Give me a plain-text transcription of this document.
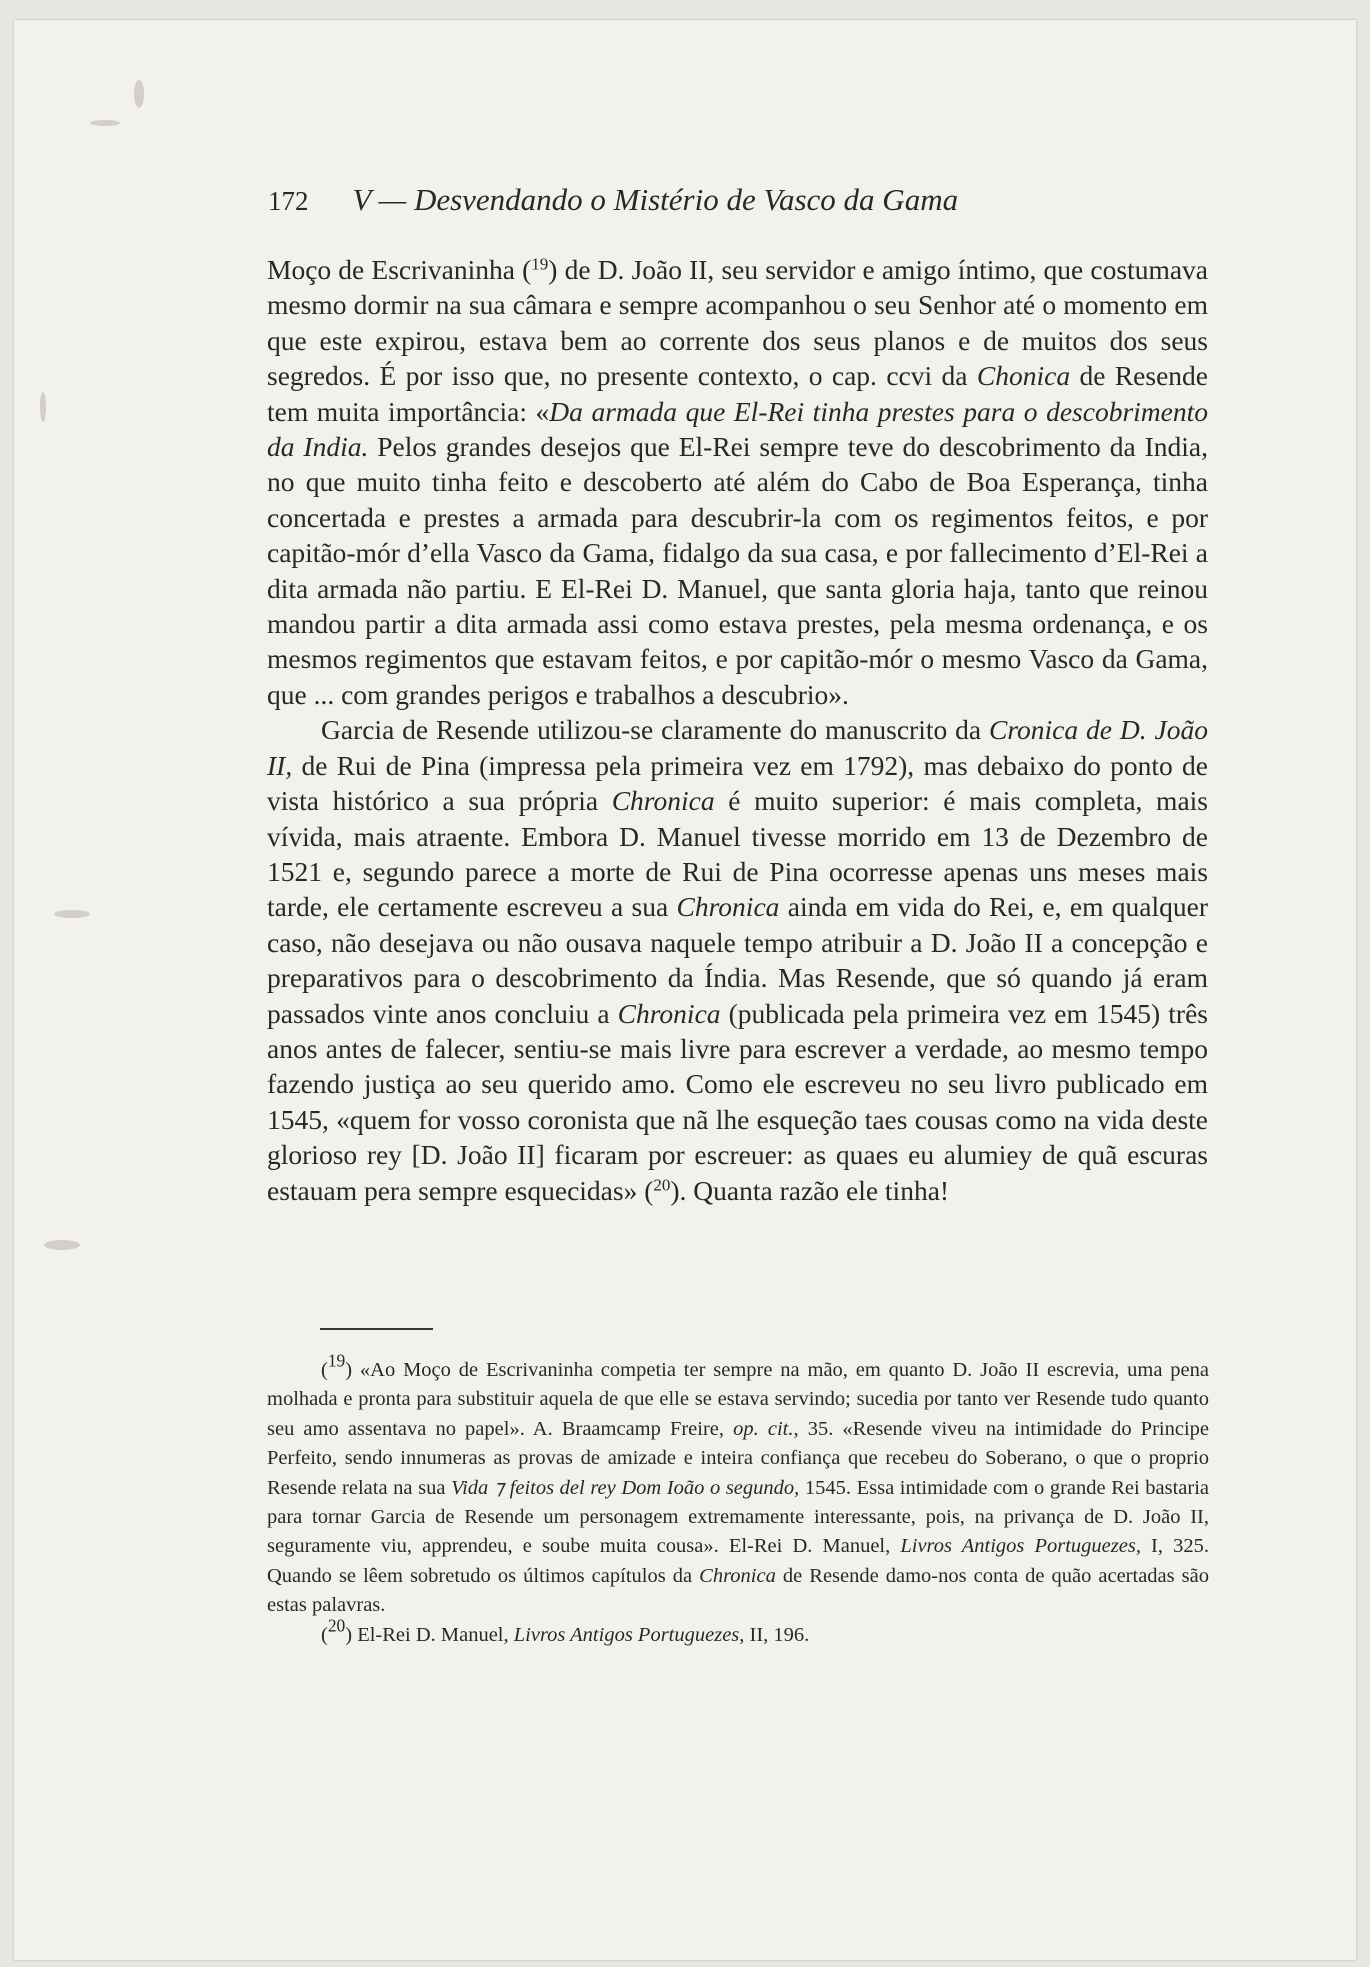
172 V — Desvendando o Mistério de Vasco da Gama

Moço de Escrivaninha ($^{19}$) de D. João II, seu servidor e amigo íntimo, que costumava mesmo dormir na sua câmara e sempre acompanhou o seu Senhor até o momento em que este expirou, estava bem ao corrente dos seus planos e de muitos dos seus segredos. É por isso que, no presente contexto, o cap. ccvi da Chonica de Resende tem muita importância: «Da armada que El-Rei tinha prestes para o descobrimento da India. Pelos grandes desejos que El-Rei sempre teve do descobrimento da India, no que muito tinha feito e descoberto até além do Cabo de Boa Esperança, tinha concertada e prestes a armada para descubrir-la com os regimentos feitos, e por capitão-mór d’ella Vasco da Gama, fidalgo da sua casa, e por fallecimento d’El-Rei a dita armada não partiu. E El-Rei D. Manuel, que santa gloria haja, tanto que reinou mandou partir a dita armada assi como estava prestes, pela mesma ordenança, e os mesmos regimentos que estavam feitos, e por capitão-mór o mesmo Vasco da Gama, que ... com grandes perigos e trabalhos a descubrio».

Garcia de Resende utilizou-se claramente do manuscrito da Cronica de D. João II, de Rui de Pina (impressa pela primeira vez em 1792), mas debaixo do ponto de vista histórico a sua própria Chronica é muito superior: é mais completa, mais vívida, mais atraente. Embora D. Manuel tivesse morrido em 13 de Dezembro de 1521 e, segundo parece a morte de Rui de Pina ocorresse apenas uns meses mais tarde, ele certamente escreveu a sua Chronica ainda em vida do Rei, e, em qualquer caso, não desejava ou não ousava naquele tempo atribuir a D. João II a concepção e preparativos para o descobrimento da Índia. Mas Resende, que só quando já eram passados vinte anos concluiu a Chronica (publicada pela primeira vez em 1545) três anos antes de falecer, sentiu-se mais livre para escrever a verdade, ao mesmo tempo fazendo justiça ao seu querido amo. Como ele escreveu no seu livro publicado em 1545, «quem for vosso coronista que nã lhe esqueção taes cousas como na vida deste glorioso rey [D. João II] ficaram por escreuer: as quaes eu alumiey de quã escuras estauam pera sempre esquecidas» ($^{20}$). Quanta razão ele tinha!

($^{19}$) «Ao Moço de Escrivaninha competia ter sempre na mão, em quanto D. João II escrevia, uma pena molhada e pronta para substituir aquela de que elle se estava servindo; sucedia por tanto ver Resende tudo quanto seu amo assentava no papel». A. Braamcamp Freire, op. cit., 35. «Resende viveu na intimidade do Principe Perfeito, sendo innumeras as provas de amizade e inteira confiança que recebeu do Soberano, o que o proprio Resende relata na sua Vida ⁊ feitos del rey Dom Ioão o segundo, 1545. Essa intimidade com o grande Rei bastaria para tornar Garcia de Resende um personagem extremamente interessante, pois, na privança de D. João II, seguramente viu, apprendeu, e soube muita cousa». El-Rei D. Manuel, Livros Antigos Portuguezes, I, 325. Quando se lêem sobretudo os últimos capítulos da Chronica de Resende damo-nos conta de quão acertadas são estas palavras.

($^{20}$) El-Rei D. Manuel, Livros Antigos Portuguezes, II, 196.
